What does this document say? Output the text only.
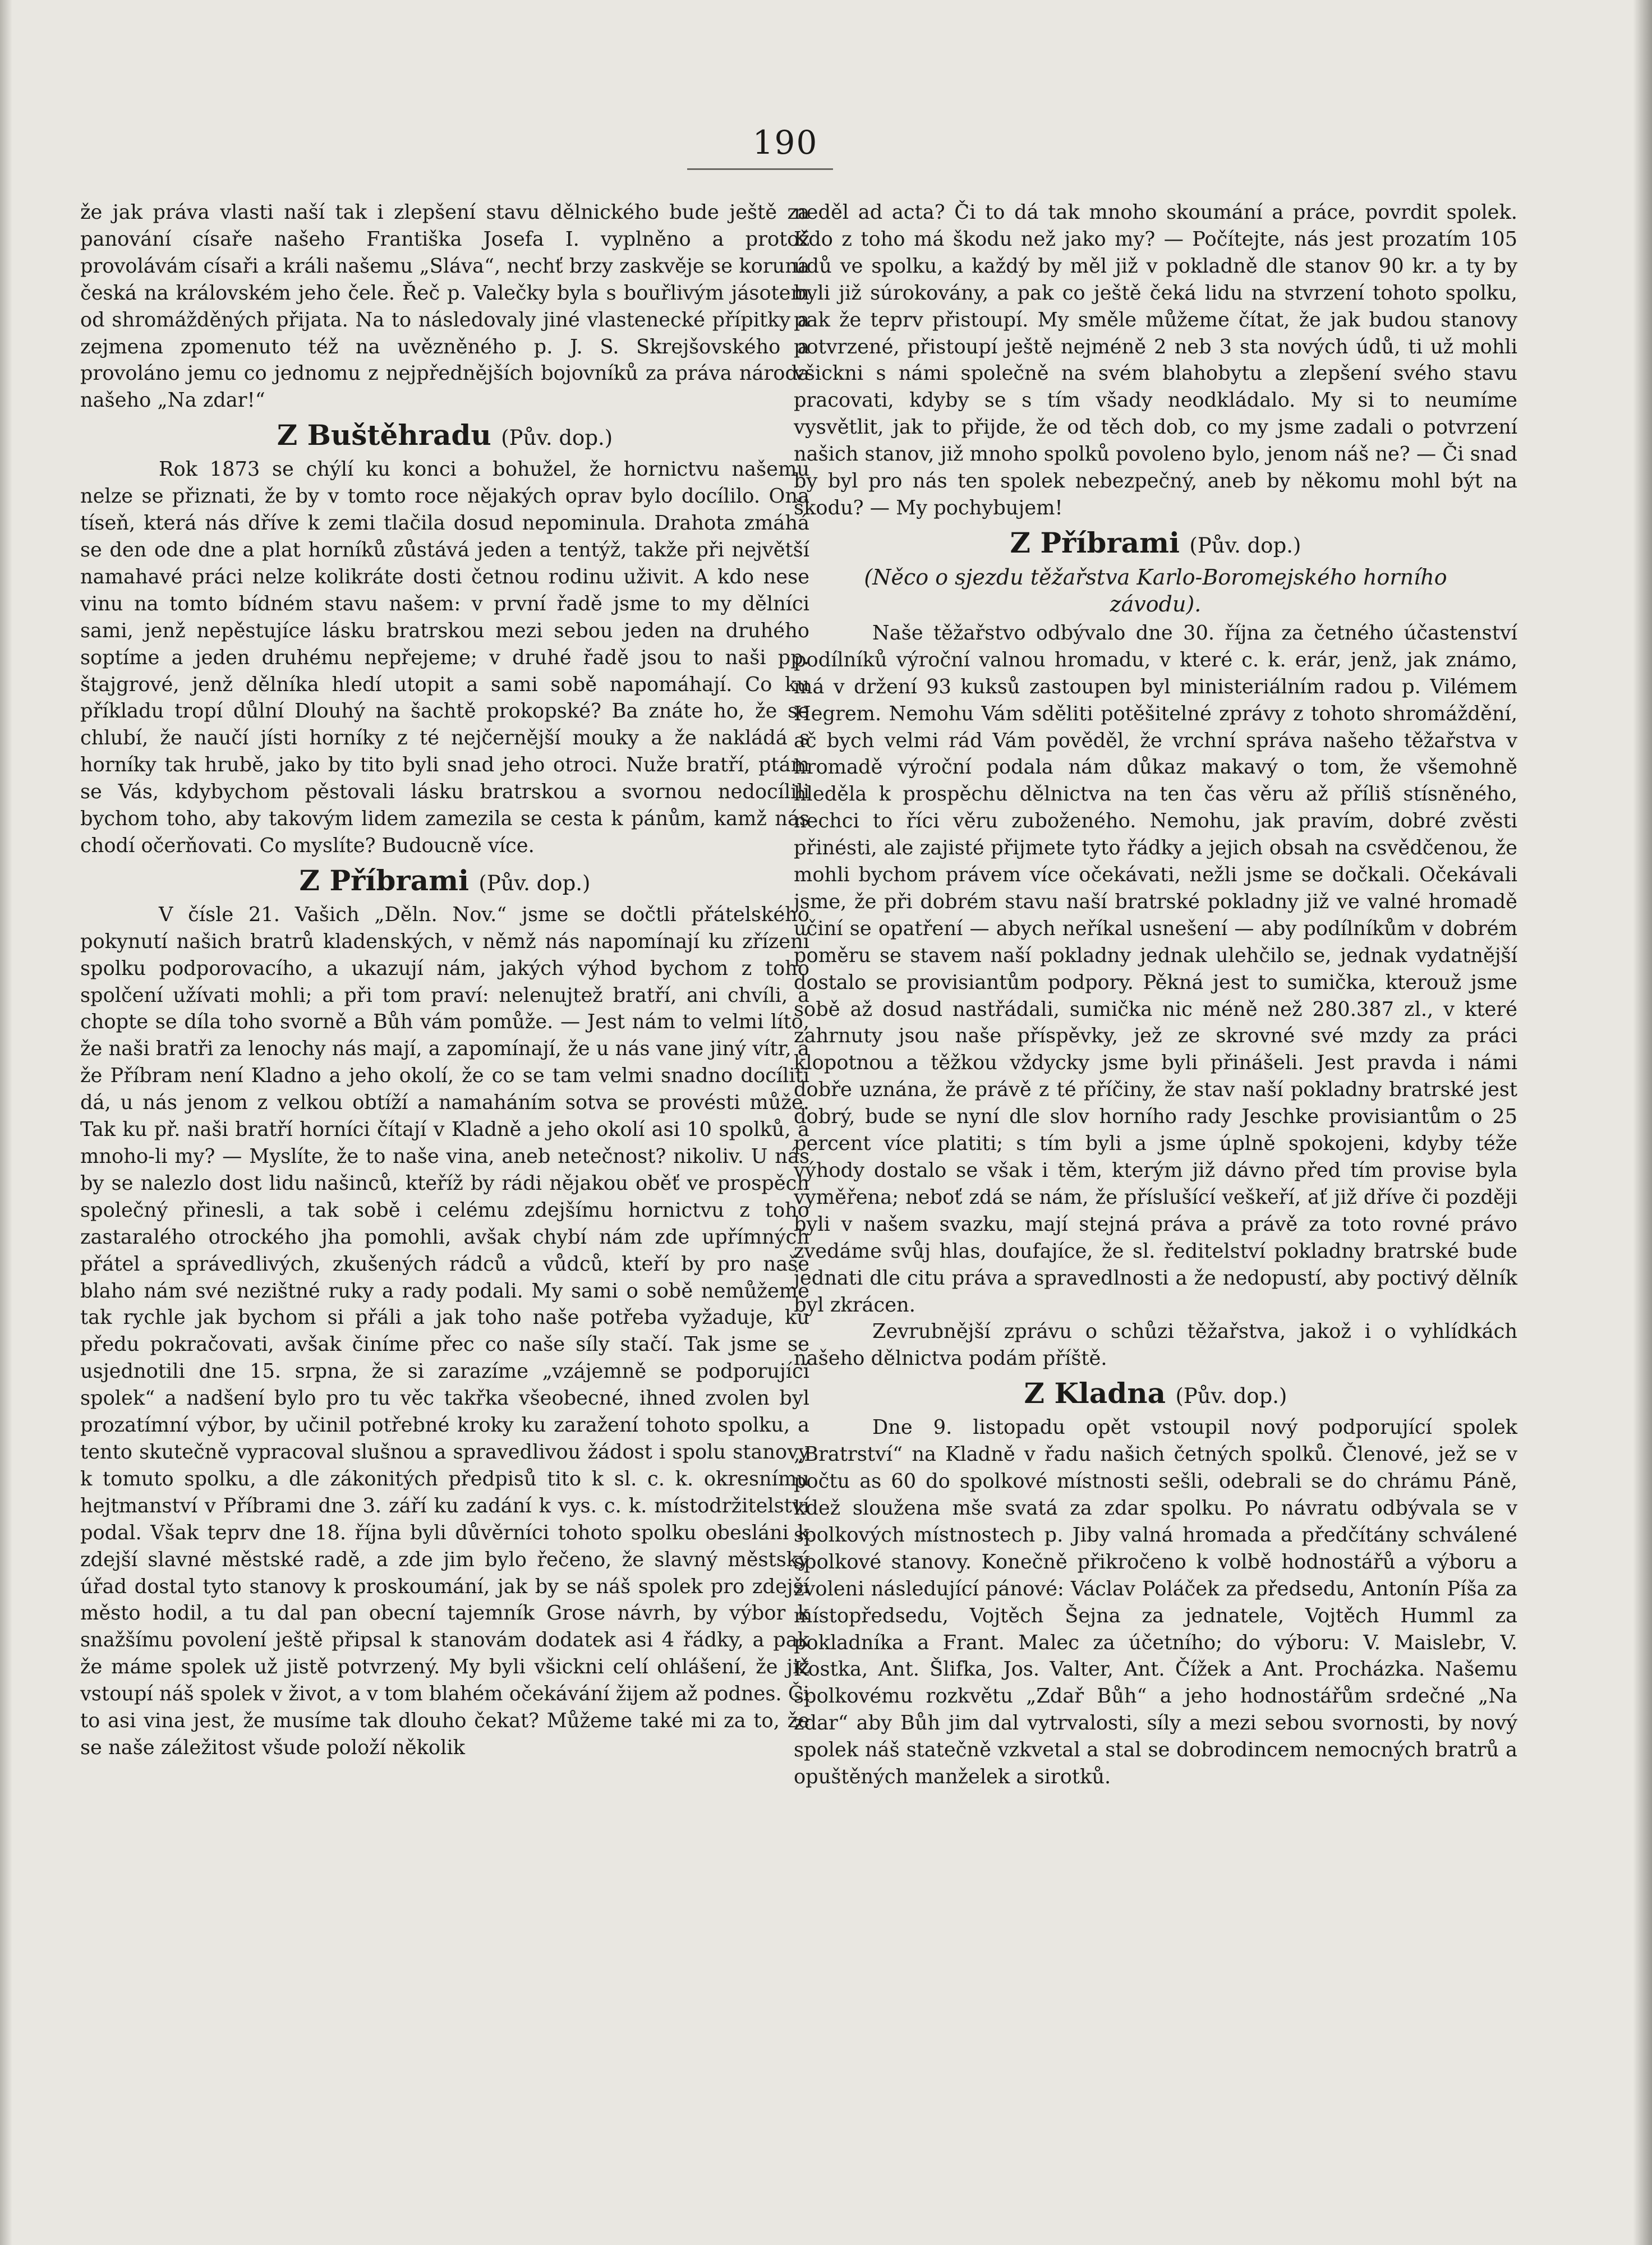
190

že jak práva vlasti naší tak i zlepšení stavu dělnického bude ještě za panování císaře našeho Františka Josefa I. vyplněno a protož provolávám císaři a králi našemu „Sláva“, nechť brzy zaskvěje se koruna česká na královském jeho čele. Řeč p. Valečky byla s bouřlivým jásotem od shromážděných přijata. Na to následovaly jiné vlastenecké přípitky a zejmena zpomenuto též na uvězněného p. J. S. Skrejšovského a provoláno jemu co jednomu z nejpřednějších bojovníků za práva národa našeho „Na zdar!“

Z Buštěhradu (Pův. dop.)

Rok 1873 se chýlí ku konci a bohužel, že hornictvu našemu nelze se přiznati, že by v tomto roce nějakých oprav bylo docílilo. Ona tíseň, která nás dříve k zemi tlačila dosud nepominula. Drahota zmáhá se den ode dne a plat horníků zůstává jeden a tentýž, takže při největší namahavé práci nelze kolikráte dosti četnou rodinu uživit. A kdo nese vinu na tomto bídném stavu našem: v první řadě jsme to my dělníci sami, jenž nepěstujíce lásku bratrskou mezi sebou jeden na druhého soptíme a jeden druhému nepřejeme; v druhé řadě jsou to naši pp. štajgrové, jenž dělníka hledí utopit a sami sobě napomáhají. Co ku příkladu tropí důlní Dlouhý na šachtě prokopské? Ba znáte ho, že se chlubí, že naučí jísti horníky z té nejčernější mouky a že nakládá s horníky tak hrubě, jako by tito byli snad jeho otroci. Nuže bratří, ptám se Vás, kdybychom pěstovali lásku bratrskou a svornou nedocílili bychom toho, aby takovým lidem zamezila se cesta k pánům, kamž nás chodí očerňovati. Co myslíte? Budoucně více.

Z Příbrami (Pův. dop.)

V čísle 21. Vašich „Děln. Nov.“ jsme se dočtli přátelského pokynutí našich bratrů kladenských, v němž nás napomínají ku zřízení spolku podporovacího, a ukazují nám, jakých výhod bychom z toho spolčení užívati mohli; a při tom praví: nelenujtež bratří, ani chvíli, a chopte se díla toho svorně a Bůh vám pomůže. — Jest nám to velmi líto, že naši bratři za lenochy nás mají, a zapomínají, že u nás vane jiný vítr, a že Příbram není Kladno a jeho okolí, že co se tam velmi snadno docíliti dá, u nás jenom z velkou obtíží a namaháním sotva se provésti může. Tak ku př. naši bratří horníci čítají v Kladně a jeho okolí asi 10 spolků, a mnoho-li my? — Myslíte, že to naše vina, aneb netečnost? nikoliv. U nás by se nalezlo dost lidu našinců, kteříž by rádi nějakou oběť ve prospěch společný přinesli, a tak sobě i celému zdejšímu hornictvu z toho zastaralého otrockého jha pomohli, avšak chybí nám zde upřímných přátel a správedlivých, zkušených rádců a vůdců, kteří by pro naše blaho nám své nezištné ruky a rady podali. My sami o sobě nemůžeme tak rychle jak bychom si přáli a jak toho naše potřeba vyžaduje, ku předu pokračovati, avšak činíme přec co naše síly stačí. Tak jsme se usjednotili dne 15. srpna, že si zarazíme „vzájemně se podporující spolek“ a nadšení bylo pro tu věc takřka všeobecné, ihned zvolen byl prozatímní výbor, by učinil potřebné kroky ku zaražení tohoto spolku, a tento skutečně vypracoval slušnou a spravedlivou žádost i spolu stanovy k tomuto spolku, a dle zákonitých předpisů tito k sl. c. k. okresnímu hejtmanství v Příbrami dne 3. září ku zadání k vys. c. k. místodržitelství podal. Však teprv dne 18. října byli důvěrníci tohoto spolku obesláni k zdejší slavné městské radě, a zde jim bylo řečeno, že slavný městský úřad dostal tyto stanovy k proskoumání, jak by se náš spolek pro zdejší město hodil, a tu dal pan obecní tajemník Grose návrh, by výbor k snažšímu povolení ještě připsal k stanovám dodatek asi 4 řádky, a pak že máme spolek už jistě potvrzený. My byli všickni celí ohlášení, že již vstoupí náš spolek v život, a v tom blahém očekávání žijem až podnes. Či to asi vina jest, že musíme tak dlouho čekat? Můžeme také mi za to, že se naše záležitost všude položí několik

neděl ad acta? Či to dá tak mnoho skoumání a práce, povrdit spolek. Kdo z toho má škodu než jako my? — Počítejte, nás jest prozatím 105 údů ve spolku, a každý by měl již v pokladně dle stanov 90 kr. a ty by byli již súrokovány, a pak co ještě čeká lidu na stvrzení tohoto spolku, pak že teprv přistoupí. My směle můžeme čítat, že jak budou stanovy potvrzené, přistoupí ještě nejméně 2 neb 3 sta nových údů, ti už mohli všickni s námi společně na svém blahobytu a zlepšení svého stavu pracovati, kdyby se s tím všady neodkládalo. My si to neumíme vysvětlit, jak to přijde, že od těch dob, co my jsme zadali o potvrzení našich stanov, již mnoho spolků povoleno bylo, jenom náš ne? — Či snad by byl pro nás ten spolek nebezpečný, aneb by někomu mohl být na škodu? — My pochybujem!

Z Příbrami (Pův. dop.)
(Něco o sjezdu těžařstva Karlo-Boromejského horního závodu).

Naše těžařstvo odbývalo dne 30. října za četného účastenství podílníků výroční valnou hromadu, v které c. k. erár, jenž, jak známo, má v držení 93 kuksů zastoupen byl ministeriálním radou p. Vilémem Hegrem. Nemohu Vám sděliti potěšitelné zprávy z tohoto shromáždění, ač bych velmi rád Vám pověděl, že vrchní správa našeho těžařstva v hromadě výroční podala nám důkaz makavý o tom, že všemohně hleděla k prospěchu dělnictva na ten čas věru až příliš stísněného, nechci to říci věru zuboženého. Nemohu, jak pravím, dobré zvěsti přinésti, ale zajisté přijmete tyto řádky a jejich obsah na csvědčenou, že mohli bychom právem více očekávati, nežli jsme se dočkali. Očekávali jsme, že při dobrém stavu naší bratrské pokladny již ve valné hromadě učiní se opatření — abych neříkal usnešení — aby podílníkům v dobrém poměru se stavem naší pokladny jednak ulehčilo se, jednak vydatnější dostalo se provisiantům podpory. Pěkná jest to sumička, kterouž jsme sobě až dosud nastřádali, sumička nic méně než 280.387 zl., v které zahrnuty jsou naše příspěvky, jež ze skrovné své mzdy za práci klopotnou a těžkou vždycky jsme byli přinášeli. Jest pravda i námi dobře uznána, že právě z té příčiny, že stav naší pokladny bratrské jest dobrý, bude se nyní dle slov horního rady Jeschke provisiantům o 25 percent více platiti; s tím byli a jsme úplně spokojeni, kdyby téže výhody dostalo se však i těm, kterým již dávno před tím provise byla vyměřena; neboť zdá se nám, že příslušící veškeří, ať již dříve či později byli v našem svazku, mají stejná práva a právě za toto rovné právo zvedáme svůj hlas, doufajíce, že sl. ředitelství pokladny bratrské bude jednati dle citu práva a spravedlnosti a že nedopustí, aby poctivý dělník byl zkrácen.

Zevrubnější zprávu o schůzi těžařstva, jakož i o vyhlídkách našeho dělnictva podám příště.

Z Kladna (Pův. dop.)

Dne 9. listopadu opět vstoupil nový podporující spolek „Bratrství“ na Kladně v řadu našich četných spolků. Členové, jež se v počtu as 60 do spolkové místnosti sešli, odebrali se do chrámu Páně, kdež sloužena mše svatá za zdar spolku. Po návratu odbývala se v spolkových místnostech p. Jiby valná hromada a předčítány schválené spolkové stanovy. Konečně přikročeno k volbě hodnostářů a výboru a zvoleni následující pánové: Václav Poláček za předsedu, Antonín Píša za místopředsedu, Vojtěch Šejna za jednatele, Vojtěch Humml za pokladníka a Frant. Malec za účetního; do výboru: V. Maislebr, V. Kostka, Ant. Šlifka, Jos. Valter, Ant. Čížek a Ant. Procházka. Našemu spolkovému rozkvětu „Zdař Bůh“ a jeho hodnostářům srdečné „Na zdar“ aby Bůh jim dal vytrvalosti, síly a mezi sebou svornosti, by nový spolek náš statečně vzkvetal a stal se dobrodincem nemocných bratrů a opuštěných manželek a sirotků.
